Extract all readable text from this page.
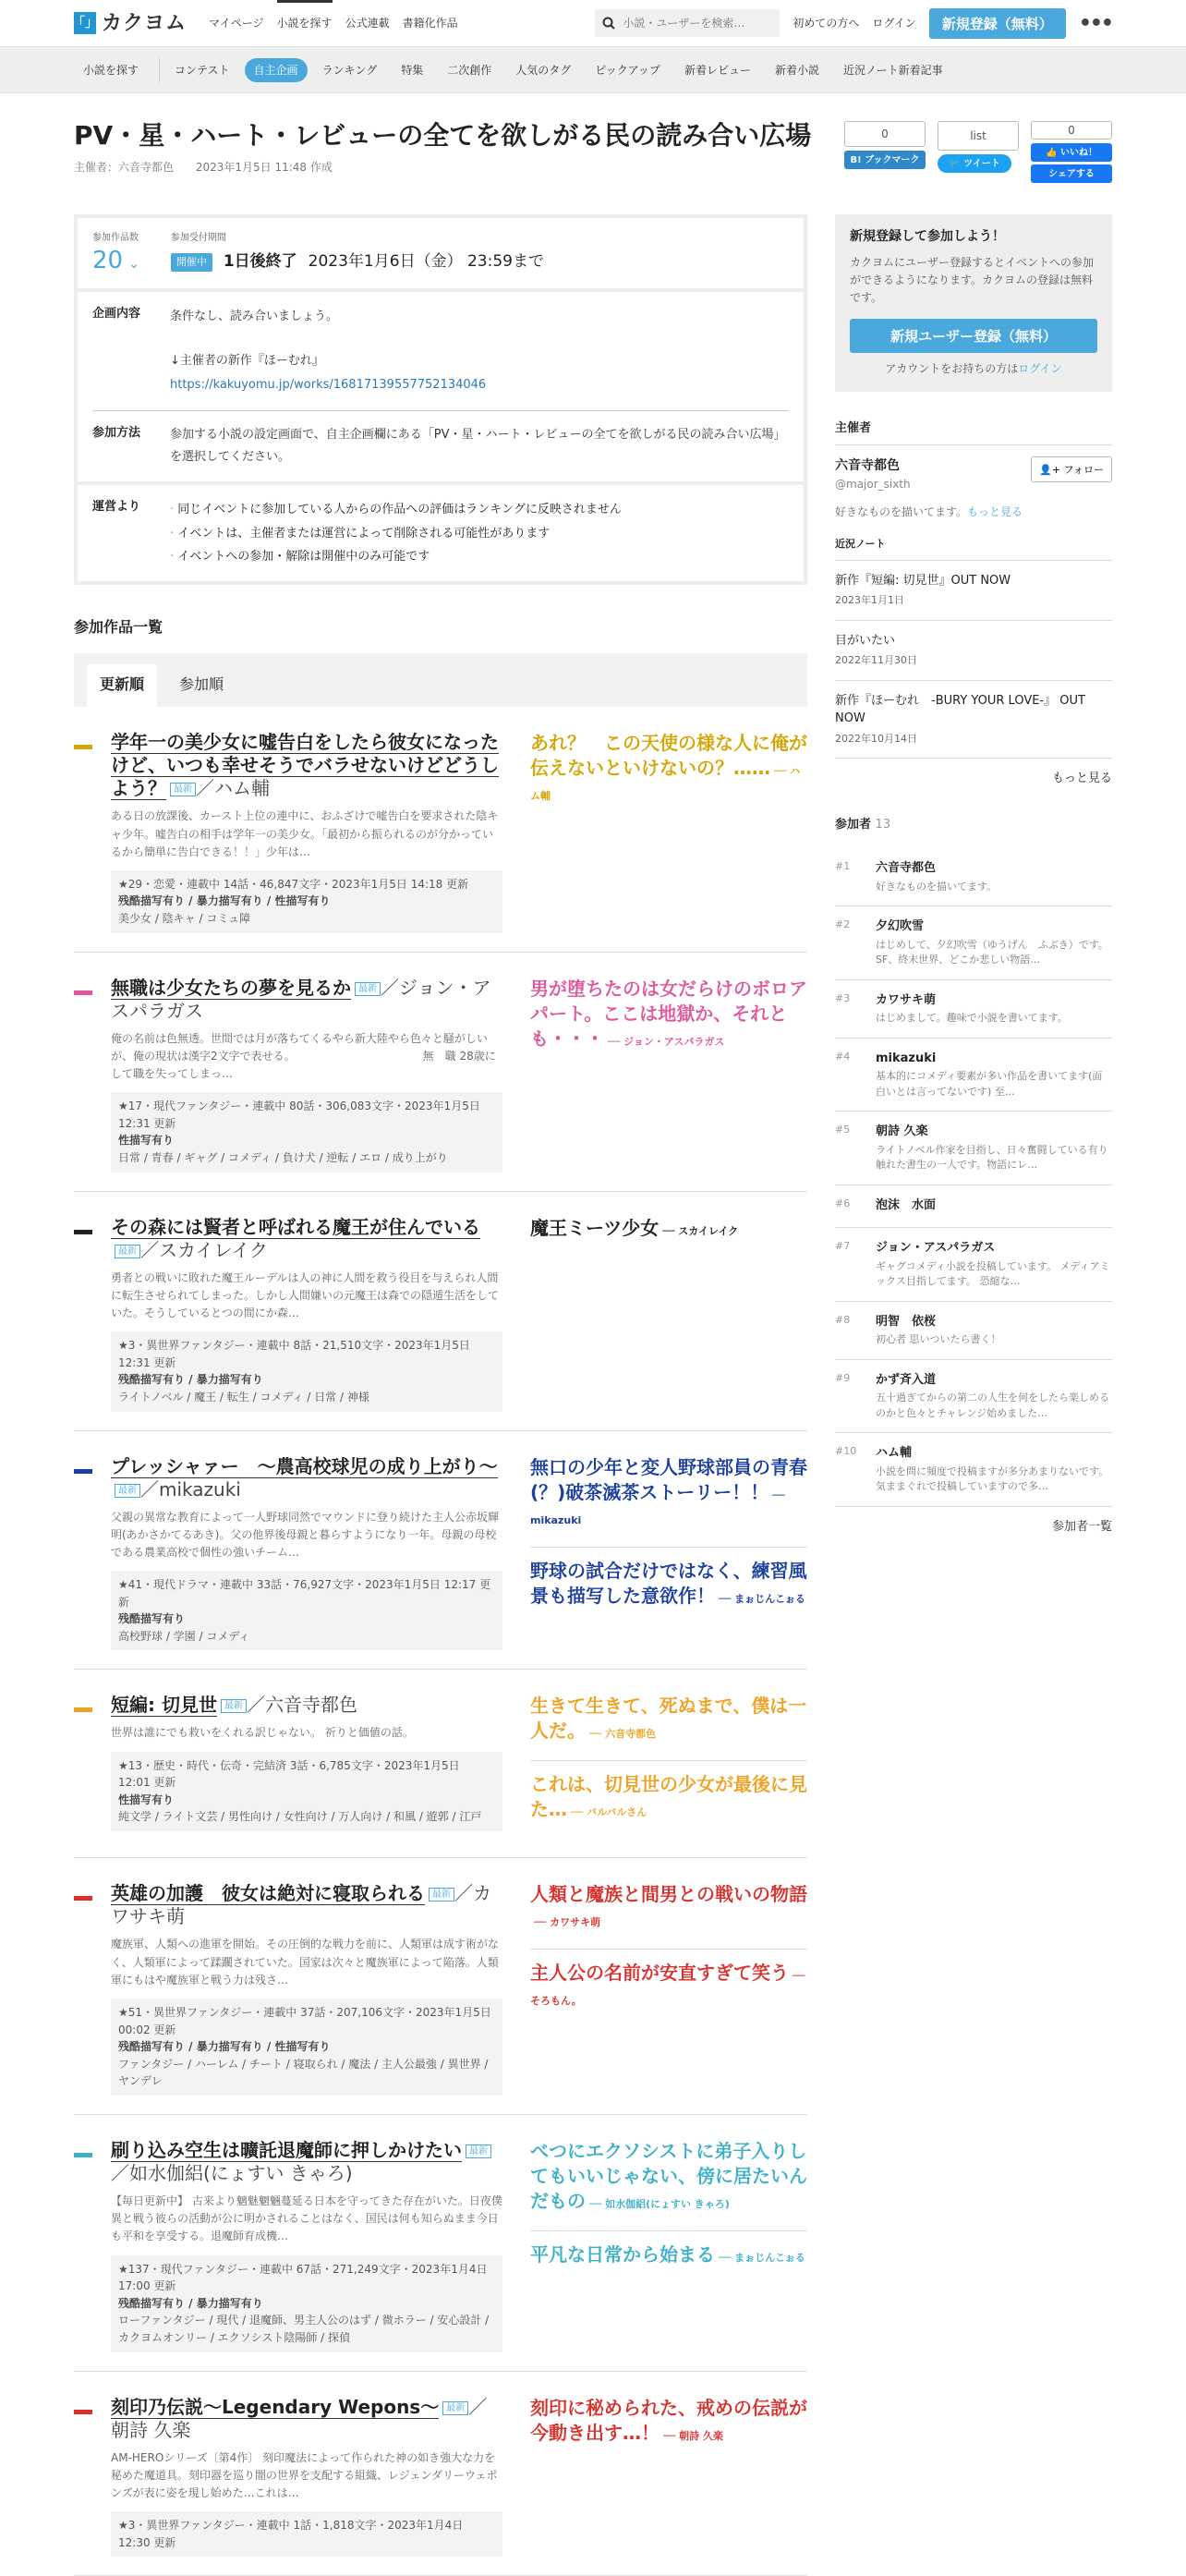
「」 カクヨム マイページ 小説を探す 公式連載 書籍化作品
小説・ユーザーを検索…	初めての方へ ログイン	新規登録（無料）	•••
小説を探す	コンテスト	自主企画	ランキング	特集	二次創作	人気のタグ	ピックアップ	新着レビュー	新着小説	近況ノート新着記事
PV・星・ハート・レビューの全てを欲しがる民の読み合い広場
主催者：六音寺都色 2023年1月5日 11:48 作成
0
B! ブックマーク
list
🐦 ツイート
0
👍 いいね！
シェアする
参加作品数
20 ⌄
参加受付期間
開催中	1日後終了 2023年1月6日（金） 23:59まで
企画内容	条件なし、読み合いましょう。
↓主催者の新作『ほーむれ』
https://kakuyomu.jp/works/16817139557752134046
参加方法	参加する小説の設定画面で、自主企画欄にある「PV・星・ハート・レビューの全てを欲しがる民の読み合い広場」を選択してください。
運営より
·	同じイベントに参加している人からの作品への評価はランキングに反映されません
· イベントは、主催者または運営によって削除される可能性があります
· イベントへの参加・解除は開催中のみ可能です
参加作品一覧
更新順	参加順
学年一の美少女に嘘告白をしたら彼女になったけど、いつも幸せそうでバラせないけどどうしよう？ 最新 ／ハム輔
ある日の放課後、カースト上位の連中に、おふざけで嘘告白を要求された陰キャ少年。嘘告白の相手は学年一の美少女。「最初から振られるのが分かっているから簡単に告白できる！！」少年は…
★29・恋愛・連載中 14話・46,847文字・2023年1月5日 14:18 更新
残酷描写有り / 暴力描写有り / 性描写有り
美少女 / 陰キャ / コミュ障
あれ？　この天使の様な人に俺が伝えないといけないの？…… ── ハム輔
無職は少女たちの夢を見るか 最新 ／ジョン・アスパラガス
俺の名前は色無透。世間では月が落ちてくるやら新大陸やら色々と騒がしいが、俺の現状は漢字2文字で表せる。　　　　　　　　　　　　無　職 28歳にして職を失ってしまっ…
★17・現代ファンタジー・連載中 80話・306,083文字・2023年1月5日 12:31 更新
性描写有り
日常 / 青春 / ギャグ / コメディ / 負け犬 / 逆転 / エロ / 成り上がり
男が堕ちたのは女だらけのボロアパート。ここは地獄か、それとも・・・ ── ジョン・アスパラガス
その森には賢者と呼ばれる魔王が住んでいる最新 ／スカイレイク
勇者との戦いに敗れた魔王ルーデルは人の神に人間を救う役目を与えられ人間に転生させられてしまった。しかし人間嫌いの元魔王は森での隠遁生活をしていた。そうしているとつの間にか森…
★3・異世界ファンタジー・連載中 8話・21,510文字・2023年1月5日 12:31 更新
残酷描写有り / 暴力描写有り
ライトノベル / 魔王 / 転生 / コメディ / 日常 / 神様
魔王ミーツ少女 ── スカイレイク
プレッシャァー　〜農高校球児の成り上がり〜最新 ／mikazuki
父親の異常な教育によって一人野球同然でマウンドに登り続けた主人公赤坂輝明(あかさかてるあき)。父の他界後母親と暮らすようになり一年。母親の母校である農業高校で個性の強いチーム…
★41・現代ドラマ・連載中 33話・76,927文字・2023年1月5日 12:17 更新
残酷描写有り
高校野球 / 学園 / コメディ
無口の少年と変人野球部員の青春(？)破茶滅茶ストーリー！！ ── mikazuki
野球の試合だけではなく、練習風景も描写した意欲作！ ── まぉじんこぉる
短編: 切見世 最新 ／六音寺都色
世界は誰にでも救いをくれる訳じゃない。 祈りと価値の話。
★13・歴史・時代・伝奇・完結済 3話・6,785文字・2023年1月5日 12:01 更新
性描写有り
純文学 / ライト文芸 / 男性向け / 女性向け / 万人向け / 和風 / 遊郭 / 江戸
生きて生きて、死ぬまで、僕は一人だ。 ── 六音寺都色
これは、切見世の少女が最後に見た… ── バルバルさん
英雄の加護　彼女は絶対に寝取られる 最新 ／カワサキ萌
魔族軍、人類への進軍を開始。その圧倒的な戦力を前に、人類軍は成す術がなく、人類軍によって蹂躙されていた。国家は次々と魔族軍によって陥落。人類軍にもはや魔族軍と戦う力は残さ…
★51・異世界ファンタジー・連載中 37話・207,106文字・2023年1月5日 00:02 更新
残酷描写有り / 暴力描写有り / 性描写有り
ファンタジー / ハーレム / チート / 寝取られ / 魔法 / 主人公最強 / 異世界 / ヤンデレ
人類と魔族と間男との戦いの物語── カワサキ萌
主人公の名前が安直すぎて笑う ── そろもん。
刷り込み空生は曠託退魔師に押しかけたい 最新／如水伽絽(にょすい きゃろ)
【毎日更新中】 古来より魑魅魍魎蔓延る日本を守ってきた存在がいた。日夜僕異と戦う彼らの活動が公に明かされることはなく、国民は何も知らぬまま今日も平和を享受する。退魔師育成機…
★137・現代ファンタジー・連載中 67話・271,249文字・2023年1月4日 17:00 更新
残酷描写有り / 暴力描写有り
ローファンタジー / 現代 / 退魔師、男主人公のはず / 微ホラー / 安心設計 / カクヨムオンリー / エクソシスト陰陽師 / 探偵
べつにエクソシストに弟子入りしてもいいじゃない、傍に居たいんだもの ── 如水伽絽(にょすい きゃろ)
平凡な日常から始まる ── まぉじんこぉる
刻印乃伝説〜Legendary Wepons〜 最新 ／朝詩 久楽
AM-HEROシリーズ〔第4作〕 刻印魔法によって作られた神の如き強大な力を秘めた魔道具。刻印器を巡り闇の世界を支配する組織、レジェンダリーウェポンズが表に姿を現し始めた…これは…
★3・異世界ファンタジー・連載中 1話・1,818文字・2023年1月4日 12:30 更新
刻印に秘められた、戒めの伝説が今動き出す…！ ── 朝詩 久楽
新規登録して参加しよう！

カクヨムにユーザー登録するとイベントへの参加ができるようになります。カクヨムの登録は無料です。

新規ユーザー登録（無料）
アカウントをお持ちの方はログイン
主催者
六音寺都色
@major_sixth
👤+ フォロー
好きなものを描いてます。もっと見る
近況ノート
新作『短編: 切見世』OUT NOW
2023年1月1日
目がいたい
2022年11月30日
新作『ほーむれ　-BURY YOUR LOVE-』 OUT NOW
2022年10月14日
もっと見る
参加者 13
#1	六音寺都色
好きなものを描いてます。
#2	夕幻吹雪
はじめして、夕幻吹雪（ゆうげん　ふぶき）です。SF、終末世界、どこか悲しい物語…
#3	カワサキ萌
はじめまして。趣味で小説を書いてます。
#4	mikazuki
基本的にコメディ要素が多い作品を書いてます(面白いとは言ってないです) 至…
#5	朝詩 久楽
ライトノベル作家を目指し、日々奮闘している有り触れた書生の一人です。物語にレ…
#6	泡沫　水面
#7	ジョン・アスパラガス
ギャグコメディ小説を投稿しています。 メディアミックス目指してます。 恐縮な…
#8	明智　依桜
初心者 思いついたら書く！
#9	かず斉入道
五十過ぎてからの第二の人生を何をしたら楽しめるのかと色々とチャレンジ始めました…
#10	ハム輔
小説を問に頻度で投稿ますが多分あまりないです。気ままぐれで投稿していますので多…
参加者一覧
